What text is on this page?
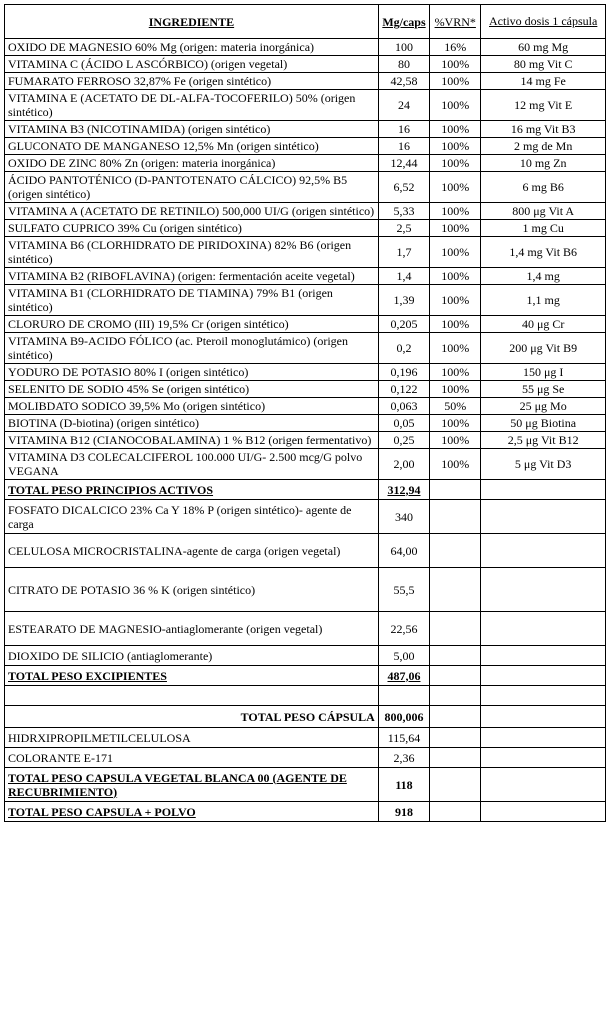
INGREDIENTE	Mg/caps	%VRN*	Activo dosis 1 cápsula
OXIDO DE MAGNESIO 60% Mg (origen: materia inorgánica)	100	16%	60 mg Mg
VITAMINA C (ÁCIDO L ASCÓRBICO) (origen vegetal)	80	100%	80 mg Vit C
FUMARATO FERROSO 32,87% Fe (origen sintético)	42,58	100%	14 mg Fe
VITAMINA E (ACETATO DE DL-ALFA-TOCOFERILO) 50% (origen sintético)	24	100%	12 mg Vit E
VITAMINA B3 (NICOTINAMIDA) (origen sintético)	16	100%	16 mg Vit B3
GLUCONATO DE MANGANESO 12,5% Mn (origen sintético)	16	100%	2 mg de Mn
OXIDO DE ZINC 80% Zn (origen: materia inorgánica)	12,44	100%	10 mg Zn
ÁCIDO PANTOTÉNICO (D-PANTOTENATO CÁLCICO) 92,5% B5 (origen sintético)	6,52	100%	6 mg B6
VITAMINA A (ACETATO DE RETINILO) 500,000 UI/G (origen sintético)	5,33	100%	800 μg Vit A
SULFATO CUPRICO 39% Cu (origen sintético)	2,5	100%	1 mg Cu
VITAMINA B6 (CLORHIDRATO DE PIRIDOXINA) 82% B6 (origen sintético)	1,7	100%	1,4 mg Vit B6
VITAMINA B2 (RIBOFLAVINA) (origen: fermentación aceite vegetal)	1,4	100%	1,4 mg
VITAMINA B1 (CLORHIDRATO DE TIAMINA) 79% B1 (origen sintético)	1,39	100%	1,1 mg
CLORURO DE CROMO (III) 19,5% Cr (origen sintético)	0,205	100%	40 μg Cr
VITAMINA B9-ACIDO FÓLICO (ac. Pteroil monoglutámico) (origen sintético)	0,2	100%	200 μg Vit B9
YODURO DE POTASIO 80% I (origen sintético)	0,196	100%	150 μg I
SELENITO DE SODIO 45% Se (origen sintético)	0,122	100%	55 μg Se
MOLIBDATO SODICO 39,5% Mo (origen sintético)	0,063	50%	25 μg Mo
BIOTINA (D-biotina) (origen sintético)	0,05	100%	50 μg Biotina
VITAMINA B12 (CIANOCOBALAMINA) 1 % B12 (origen fermentativo)	0,25	100%	2,5 μg Vit B12
VITAMINA D3 COLECALCIFEROL 100.000 UI/G- 2.500 mcg/G polvo VEGANA	2,00	100%	5 μg Vit D3
TOTAL PESO PRINCIPIOS ACTIVOS	312,94		
FOSFATO DICALCICO 23% Ca Y 18% P (origen sintético)- agente de carga	340		
CELULOSA MICROCRISTALINA-agente de carga (origen vegetal)	64,00		
CITRATO DE POTASIO 36 % K (origen sintético)	55,5		
ESTEARATO DE MAGNESIO-antiaglomerante (origen vegetal)	22,56		
DIOXIDO DE SILICIO (antiaglomerante)	5,00		
TOTAL PESO EXCIPIENTES	487,06		

TOTAL PESO CÁPSULA	800,006		
HIDRXIPROPILMETILCELULOSA	115,64		
COLORANTE E-171	2,36		
TOTAL PESO CAPSULA VEGETAL BLANCA 00 (AGENTE DE RECUBRIMIENTO)	118		
TOTAL PESO CAPSULA + POLVO	918		
